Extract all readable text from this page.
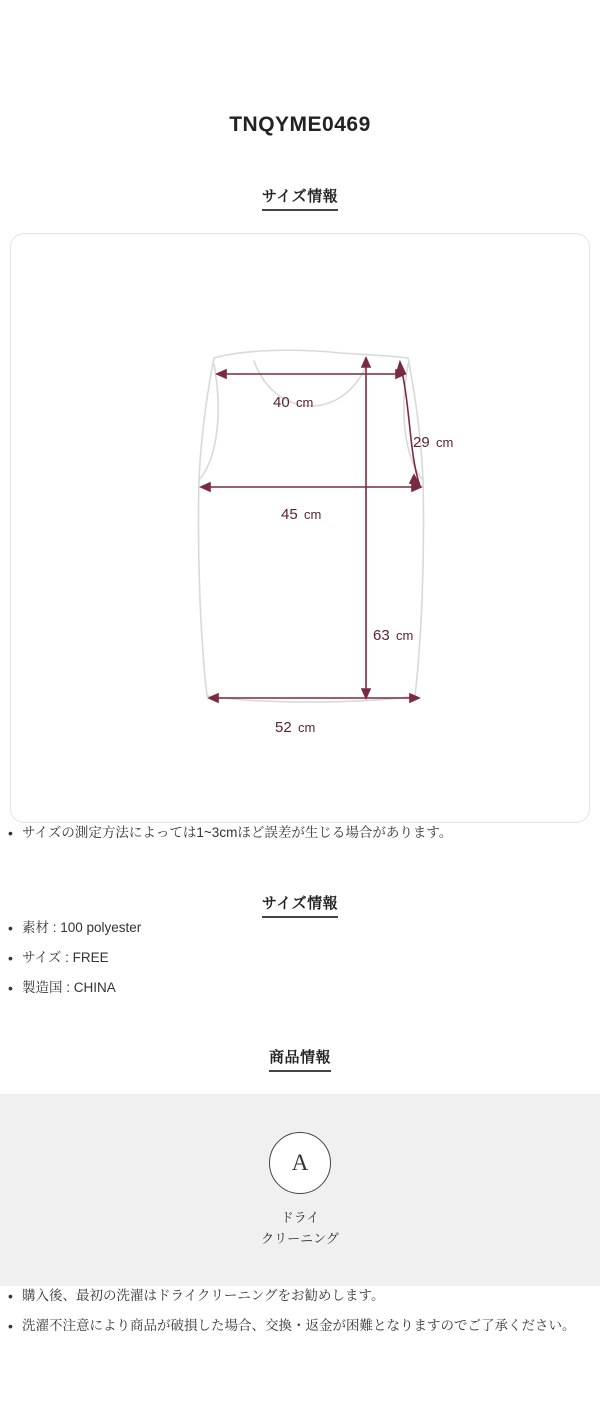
TNQYME0469
サイズ情報
40 cm
29 cm
45 cm
63 cm
52 cm
• サイズの測定方法によっては1~3cmほど誤差が生じる場合があります。
サイズ情報
• 素材 : 100 polyester
• サイズ : FREE
• 製造国 : CHINA
商品情報
A
ドライ
クリーニング
• 購入後、最初の洗濯はドライクリーニングをお勧めします。
• 洗濯不注意により商品が破損した場合、交換・返金が困難となりますのでご了承ください。
